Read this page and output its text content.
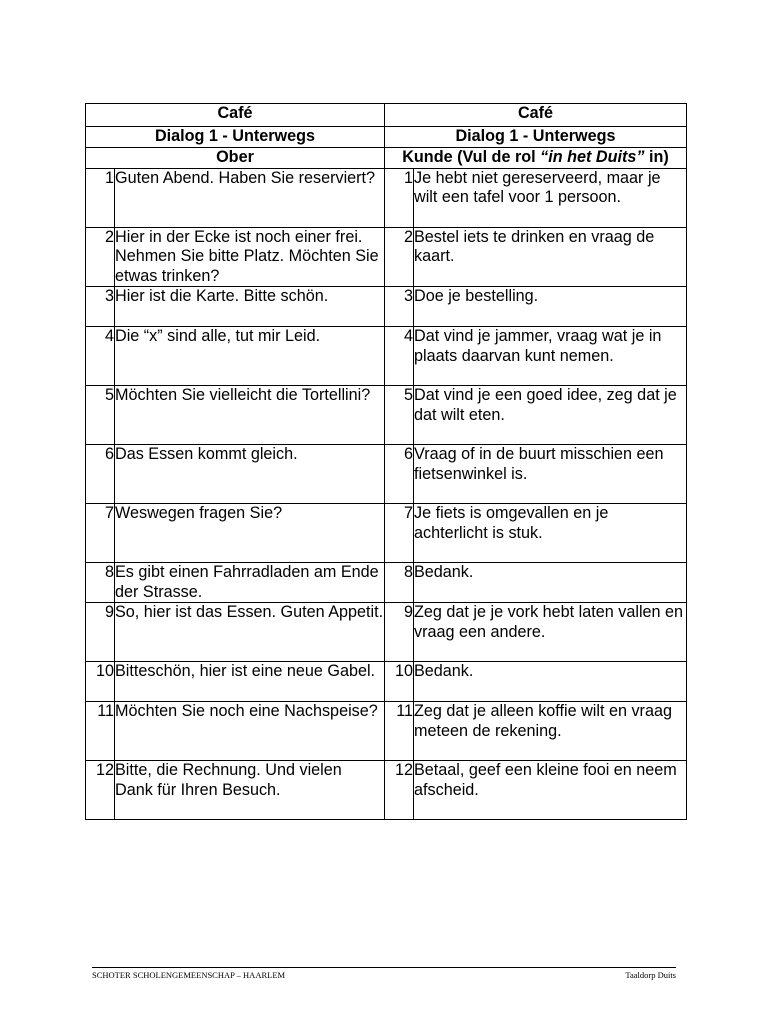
Café		Café	
Dialog 1 - Unterwegs		Dialog 1 - Unterwegs	
Ober		Kunde (Vul de rol “in het Duits” in)	
1	Guten Abend. Haben Sie reserviert?	1	Je hebt niet gereserveerd, maar je wilt een tafel voor 1 persoon.
2	Hier in der Ecke ist noch einer frei. Nehmen Sie bitte Platz. Möchten Sie etwas trinken?	2	Bestel iets te drinken en vraag de kaart.
3	Hier ist die Karte. Bitte schön.	3	Doe je bestelling.
4	Die “x” sind alle, tut mir Leid.	4	Dat vind je jammer, vraag wat je in plaats daarvan kunt nemen.
5	Möchten Sie vielleicht die Tortellini?	5	Dat vind je een goed idee, zeg dat je dat wilt eten.
6	Das Essen kommt gleich.	6	Vraag of in de buurt misschien een fietsenwinkel is.
7	Weswegen fragen Sie?	7	Je fiets is omgevallen en je achterlicht is stuk.
8	Es gibt einen Fahrradladen am Ende der Strasse.	8	Bedank.
9	So, hier ist das Essen. Guten Appetit.	9	Zeg dat je je vork hebt laten vallen en vraag een andere.
10	Bitteschön, hier ist eine neue Gabel.	10	Bedank.
11	Möchten Sie noch eine Nachspeise?	11	Zeg dat je alleen koffie wilt en vraag meteen de rekening.
12	Bitte, die Rechnung. Und vielen Dank für Ihren Besuch.	12	Betaal, geef een kleine fooi en neem afscheid.
SCHOTER SCHOLENGEMEENSCHAP – HAARLEM	Taaldorp Duits
